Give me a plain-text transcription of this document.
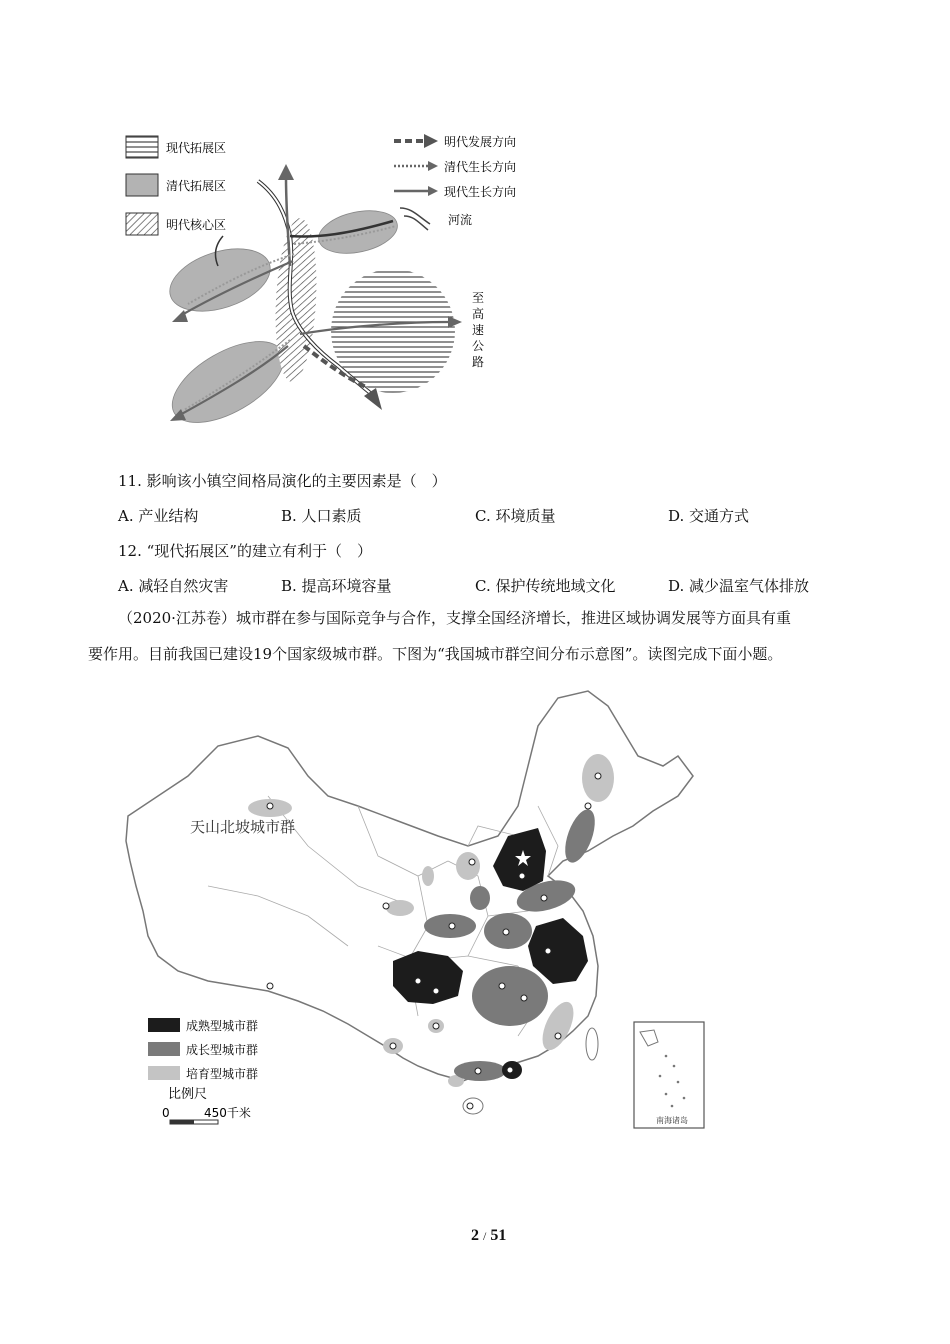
现代拓展区
清代拓展区
明代核心区
明代发展方向
清代生长方向
现代生长方向
河流
至
高
速
公
路
11. 影响该小镇空间格局演化的主要因素是（　）
A. 产业结构	B. 人口素质	C. 环境质量	D. 交通方式
12. “现代拓展区”的建立有利于（　）
A. 减轻自然灾害	B. 提高环境容量	C. 保护传统地域文化	D. 减少温室气体排放
（2020·江苏卷）城市群在参与国际竞争与合作，支撑全国经济增长，推进区域协调发展等方面具有重
要作用。目前我国已建设19个国家级城市群。下图为“我国城市群空间分布示意图”。读图完成下面小题。
天山北坡城市群
成熟型城市群
成长型城市群
培育型城市群
比例尺
0	450千米
南海诸岛
2 / 51
